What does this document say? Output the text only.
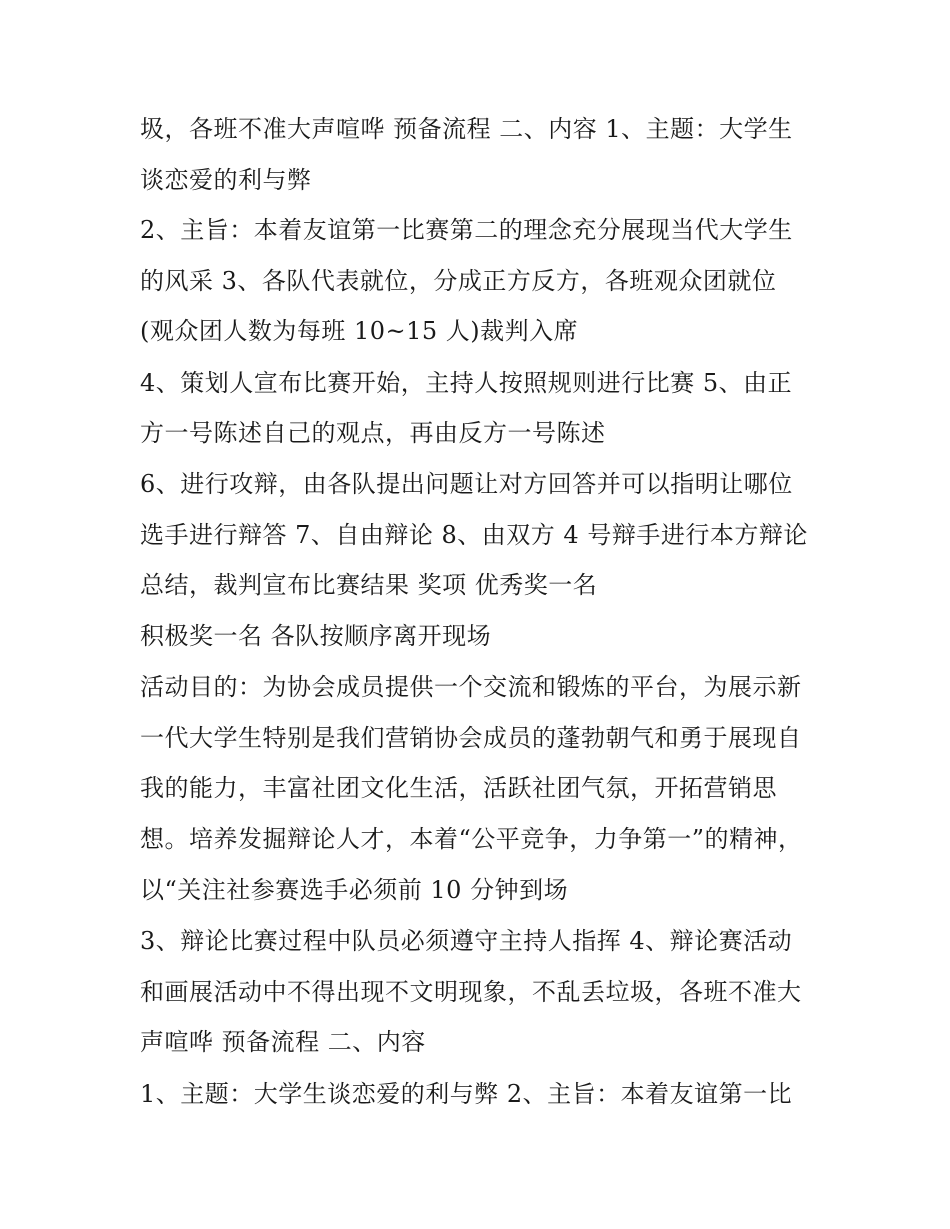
圾，各班不准大声喧哗 预备流程 二、内容 1、主题：大学生
谈恋爱的利与弊
2、主旨：本着友谊第一比赛第二的理念充分展现当代大学生
的风采 3、各队代表就位，分成正方反方，各班观众团就位
(观众团人数为每班 10~15 人)裁判入席
4、策划人宣布比赛开始，主持人按照规则进行比赛 5、由正
方一号陈述自己的观点，再由反方一号陈述
6、进行攻辩，由各队提出问题让对方回答并可以指明让哪位
选手进行辩答 7、自由辩论 8、由双方 4 号辩手进行本方辩论
总结，裁判宣布比赛结果 奖项 优秀奖一名
积极奖一名 各队按顺序离开现场
活动目的：为协会成员提供一个交流和锻炼的平台，为展示新
一代大学生特别是我们营销协会成员的蓬勃朝气和勇于展现自
我的能力，丰富社团文化生活，活跃社团气氛，开拓营销思
想。培养发掘辩论人才，本着“公平竞争，力争第一”的精神，
以“关注社参赛选手必须前 10 分钟到场
3、辩论比赛过程中队员必须遵守主持人指挥 4、辩论赛活动
和画展活动中不得出现不文明现象，不乱丢垃圾，各班不准大
声喧哗 预备流程 二、内容
1、主题：大学生谈恋爱的利与弊 2、主旨：本着友谊第一比
